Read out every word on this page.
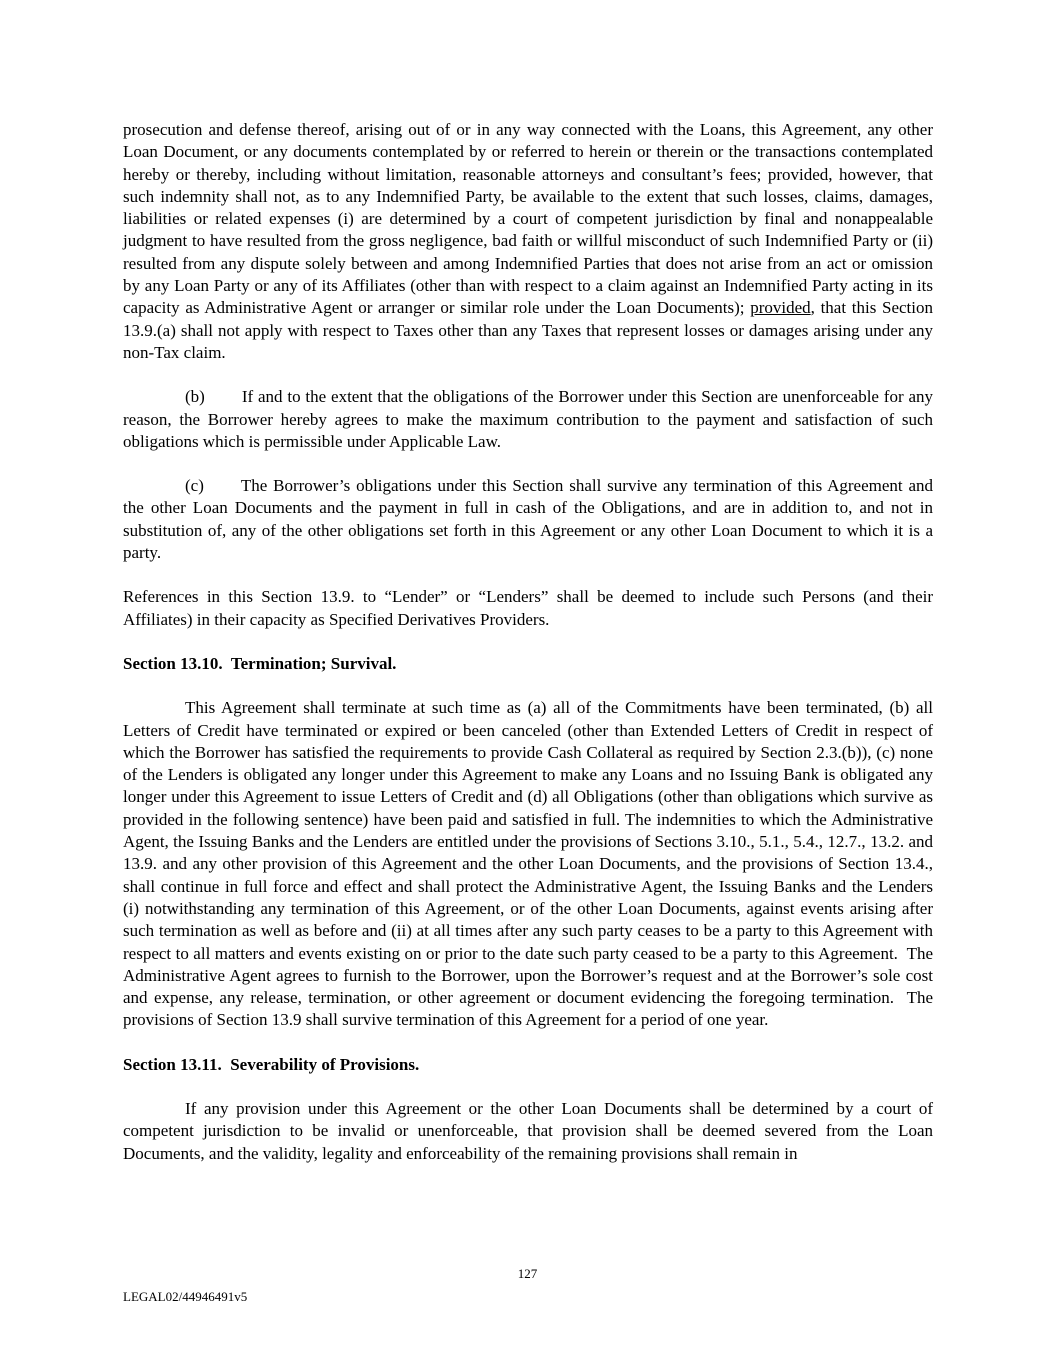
prosecution and defense thereof, arising out of or in any way connected with the Loans, this Agreement, any other Loan Document, or any documents contemplated by or referred to herein or therein or the transactions contemplated hereby or thereby, including without limitation, reasonable attorneys and consultant’s fees; provided, however, that such indemnity shall not, as to any Indemnified Party, be available to the extent that such losses, claims, damages, liabilities or related expenses (i) are determined by a court of competent jurisdiction by final and nonappealable judgment to have resulted from the gross negligence, bad faith or willful misconduct of such Indemnified Party or (ii) resulted from any dispute solely between and among Indemnified Parties that does not arise from an act or omission by any Loan Party or any of its Affiliates (other than with respect to a claim against an Indemnified Party acting in its capacity as Administrative Agent or arranger or similar role under the Loan Documents); provided, that this Section 13.9.(a) shall not apply with respect to Taxes other than any Taxes that represent losses or damages arising under any non-Tax claim.

(b) If and to the extent that the obligations of the Borrower under this Section are unenforceable for any reason, the Borrower hereby agrees to make the maximum contribution to the payment and satisfaction of such obligations which is permissible under Applicable Law.

(c) The Borrower’s obligations under this Section shall survive any termination of this Agreement and the other Loan Documents and the payment in full in cash of the Obligations, and are in addition to, and not in substitution of, any of the other obligations set forth in this Agreement or any other Loan Document to which it is a party.

References in this Section 13.9. to “Lender” or “Lenders” shall be deemed to include such Persons (and their Affiliates) in their capacity as Specified Derivatives Providers.

Section 13.10.  Termination; Survival.

This Agreement shall terminate at such time as (a) all of the Commitments have been terminated, (b) all Letters of Credit have terminated or expired or been canceled (other than Extended Letters of Credit in respect of which the Borrower has satisfied the requirements to provide Cash Collateral as required by Section 2.3.(b)), (c) none of the Lenders is obligated any longer under this Agreement to make any Loans and no Issuing Bank is obligated any longer under this Agreement to issue Letters of Credit and (d) all Obligations (other than obligations which survive as provided in the following sentence) have been paid and satisfied in full. The indemnities to which the Administrative Agent, the Issuing Banks and the Lenders are entitled under the provisions of Sections 3.10., 5.1., 5.4., 12.7., 13.2. and 13.9. and any other provision of this Agreement and the other Loan Documents, and the provisions of Section 13.4., shall continue in full force and effect and shall protect the Administrative Agent, the Issuing Banks and the Lenders (i) notwithstanding any termination of this Agreement, or of the other Loan Documents, against events arising after such termination as well as before and (ii) at all times after any such party ceases to be a party to this Agreement with respect to all matters and events existing on or prior to the date such party ceased to be a party to this Agreement.  The Administrative Agent agrees to furnish to the Borrower, upon the Borrower’s request and at the Borrower’s sole cost and expense, any release, termination, or other agreement or document evidencing the foregoing termination.  The provisions of Section 13.9 shall survive termination of this Agreement for a period of one year.

Section 13.11.  Severability of Provisions.

If any provision under this Agreement or the other Loan Documents shall be determined by a court of competent jurisdiction to be invalid or unenforceable, that provision shall be deemed severed from the Loan Documents, and the validity, legality and enforceability of the remaining provisions shall remain in

127
LEGAL02/44946491v5
